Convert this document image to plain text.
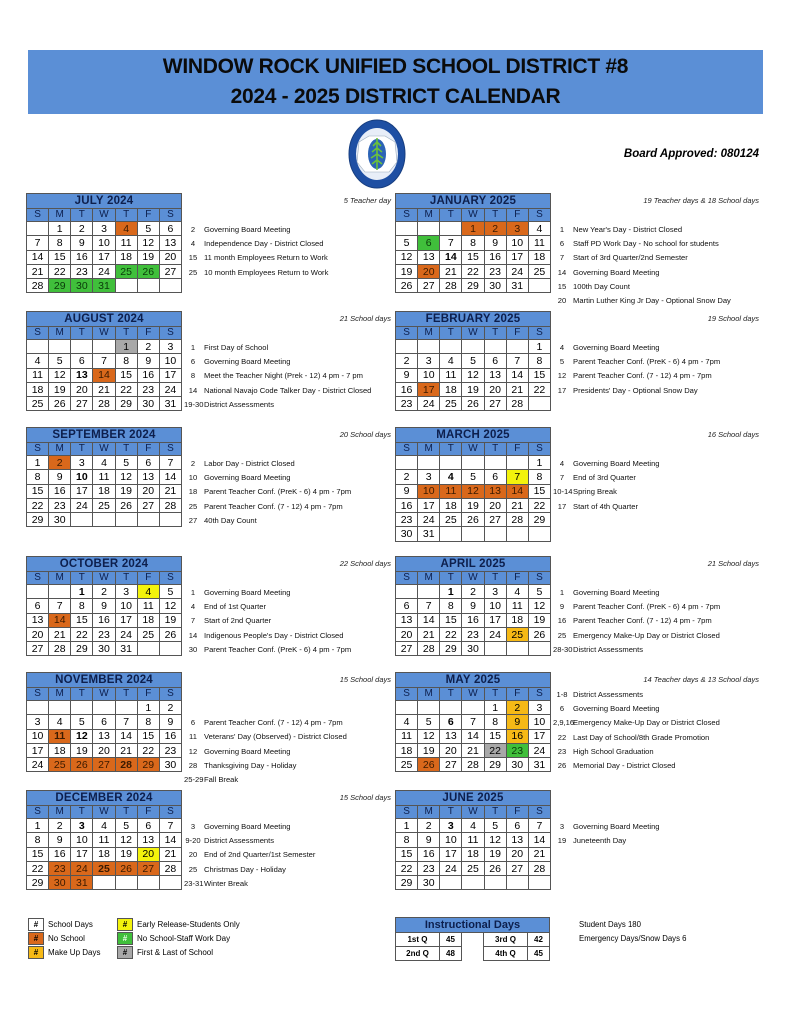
WINDOW ROCK UNIFIED SCHOOL DISTRICT #8
2024 - 2025 DISTRICT CALENDAR
Board Approved: 080124
JULY 2024						
S	M	T	W	T	F	S
	1	2	3	4	5	6
7	8	9	10	11	12	13
14	15	16	17	18	19	20
21	22	23	24	25	26	27
28	29	30	31			
5 Teacher day
2	Governing Board Meeting
4	Independence Day - District Closed
15 11 month Employees Return to Work
25 10 month Employees Return to Work
AUGUST 2024						
S	M	T	W	T	F	S
				1	2	3
4	5	6	7	8	9	10
11	12	13	14	15	16	17
18	19	20	21	22	23	24
25	26	27	28	29	30	31
21 School days
1	First Day of School
6	Governing Board Meeting
8	Meet the Teacher Night (Prek - 12) 4 pm - 7 pm
14 National Navajo Code Talker Day - District Closed
19-30 District Assessments
SEPTEMBER 2024						
S	M	T	W	T	F	S
1	2	3	4	5	6	7
8	9	10	11	12	13	14
15	16	17	18	19	20	21
22	23	24	25	26	27	28
29	30					
20 School days
2	Labor Day - District Closed
10 Governing Board Meeting
18 Parent Teacher Conf. (PreK - 6) 4 pm - 7pm
25 Parent Teacher Conf. (7 - 12) 4 pm - 7pm
27 40th Day Count
OCTOBER 2024						
S	M	T	W	T	F	S
		1	2	3	4	5
6	7	8	9	10	11	12
13	14	15	16	17	18	19
20	21	22	23	24	25	26
27	28	29	30	31		
22 School days
1	Governing Board Meeting
4	End of 1st Quarter
7	Start of 2nd Quarter
14 Indigenous People's Day - District Closed
30 Parent Teacher Conf. (PreK - 6) 4 pm - 7pm
NOVEMBER 2024						
S	M	T	W	T	F	S
					1	2
3	4	5	6	7	8	9
10	11	12	13	14	15	16
17	18	19	20	21	22	23
24	25	26	27	28	29	30
15 School days
6	Parent Teacher Conf. (7 - 12) 4 pm - 7pm
11 Veterans' Day (Observed) - District Closed
12 Governing Board Meeting
28 Thanksgiving Day - Holiday
25-29 Fall Break
DECEMBER 2024						
S	M	T	W	T	F	S
1	2	3	4	5	6	7
8	9	10	11	12	13	14
15	16	17	18	19	20	21
22	23	24	25	26	27	28
29	30	31				
15 School days
3	Governing Board Meeting
9-20 District Assessments
20 End of 2nd Quarter/1st Semester
25 Christmas Day - Holiday
23-31 Winter Break
JANUARY 2025						
S	M	T	W	T	F	S
			1	2	3	4
5	6	7	8	9	10	11
12	13	14	15	16	17	18
19	20	21	22	23	24	25
26	27	28	29	30	31	
19 Teacher days & 18 School days
1	New Year's Day - District Closed
6	Staff PD Work Day - No school for students
7	Start of 3rd Quarter/2nd Semester
14 Governing Board Meeting
15 100th Day Count
20 Martin Luther King Jr Day - Optional Snow Day
FEBRUARY 2025						
S	M	T	W	T	F	S
						1
2	3	4	5	6	7	8
9	10	11	12	13	14	15
16	17	18	19	20	21	22
23	24	25	26	27	28	
19 School days
4	Governing Board Meeting
5	Parent Teacher Conf. (PreK - 6) 4 pm - 7pm
12 Parent Teacher Conf. (7 - 12) 4 pm - 7pm
17 Presidents' Day - Optional Snow Day
MARCH 2025						
S	M	T	W	T	F	S
						1
2	3	4	5	6	7	8
9	10	11	12	13	14	15
16	17	18	19	20	21	22
23	24	25	26	27	28	29
30	31					
16 School days
4	Governing Board Meeting
7	End of 3rd Quarter
10-14 Spring Break
17 Start of 4th Quarter
APRIL 2025						
S	M	T	W	T	F	S
		1	2	3	4	5
6	7	8	9	10	11	12
13	14	15	16	17	18	19
20	21	22	23	24	25	26
27	28	29	30			
21 School days
1	Governing Board Meeting
9	Parent Teacher Conf. (PreK - 6) 4 pm - 7pm
16 Parent Teacher Conf. (7 - 12) 4 pm - 7pm
25 Emergency Make-Up Day or District Closed
28-30 District Assessments
MAY 2025						
S	M	T	W	T	F	S
				1	2	3
4	5	6	7	8	9	10
11	12	13	14	15	16	17
18	19	20	21	22	23	24
25	26	27	28	29	30	31
14 Teacher days & 13 School days
1-8 District Assessments
6	Governing Board Meeting
2,9,16
Emergency Make-Up Day or District Closed
22 Last Day of School/8th Grade Promotion
23 High School Graduation
26 Memorial Day - District Closed
JUNE 2025						
S	M	T	W	T	F	S
1	2	3	4	5	6	7
8	9	10	11	12	13	14
15	16	17	18	19	20	21
22	23	24	25	26	27	28
29	30					
3	Governing Board Meeting
19 Juneteenth Day
#	School Days	#	Early Release-Students Only
#	No School	#	No School-Staff Work Day
#	Make Up Days	#	First & Last of School
Instructional Days				
1st Q	45		3rd Q	42
2nd Q	48		4th Q	45
Student Days 180
Emergency Days/Snow Days 6
